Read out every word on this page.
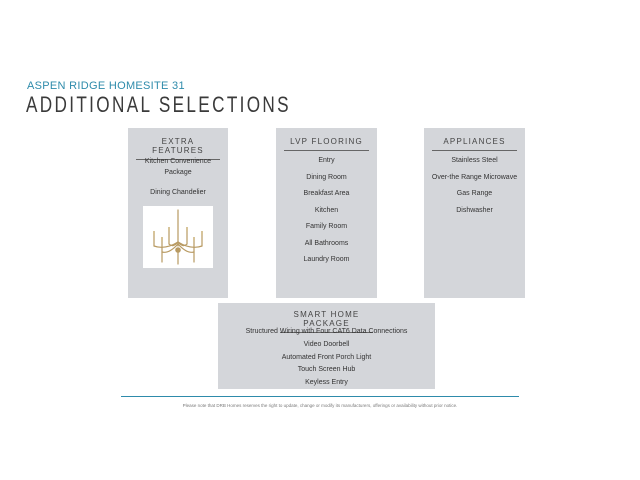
ASPEN RIDGE HOMESITE 31
ADDITIONAL SELECTIONS
EXTRA FEATURES
Kitchen Convenience Package
Dining Chandelier
LVP FLOORING
Entry
Dining Room
Breakfast Area
Kitchen
Family Room
All Bathrooms
Laundry Room
APPLIANCES
Stainless Steel
Over-the Range Microwave
Gas Range
Dishwasher
SMART HOME PACKAGE
Structured Wiring with Four CAT6 Data Connections
Video Doorbell
Automated Front Porch Light
Touch Screen Hub
Keyless Entry
Please note that DRB Homes reserves the right to update, change or modify its manufacturers, offerings or availability without prior notice.
